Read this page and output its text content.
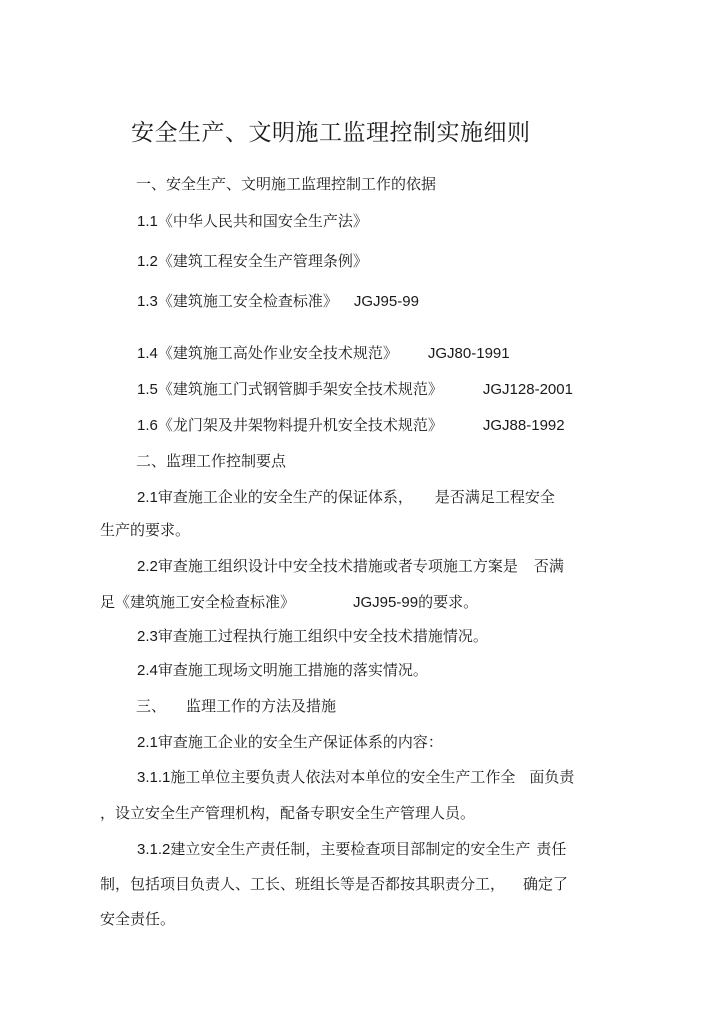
安全生产、文明施工监理控制实施细则
一、安全生产、文明施工监理控制工作的依据
1.1《中华人民共和国安全生产法》
1.2《建筑工程安全生产管理条例》
1.3《建筑施工安全检查标准》 JGJ95-99
1.4《建筑施工高处作业安全技术规范》 JGJ80-1991
1.5《建筑施工门式钢管脚手架安全技术规范》	JGJ128-2001
1.6《龙门架及井架物料提升机安全技术规范》	JGJ88-1992
二、监理工作控制要点
2.1审查施工企业的安全生产的保证体系， 是否满足工程安全
生产的要求。
2.2审查施工组织设计中安全技术措施或者专项施工方案是 否满
足《建筑施工安全检查标准》	JGJ95-99的要求。
2.3审查施工过程执行施工组织中安全技术措施情况。
2.4审查施工现场文明施工措施的落实情况。
三、 监理工作的方法及措施
2.1审查施工企业的安全生产保证体系的内容：
3.1.1施工单位主要负责人依法对本单位的安全生产工作全 面负责
，设立安全生产管理机构，配备专职安全生产管理人员。
3.1.2建立安全生产责任制，主要检查项目部制定的安全生产 责任
制，包括项目负责人、工长、班组长等是否都按其职责分工， 确定了
安全责任。
